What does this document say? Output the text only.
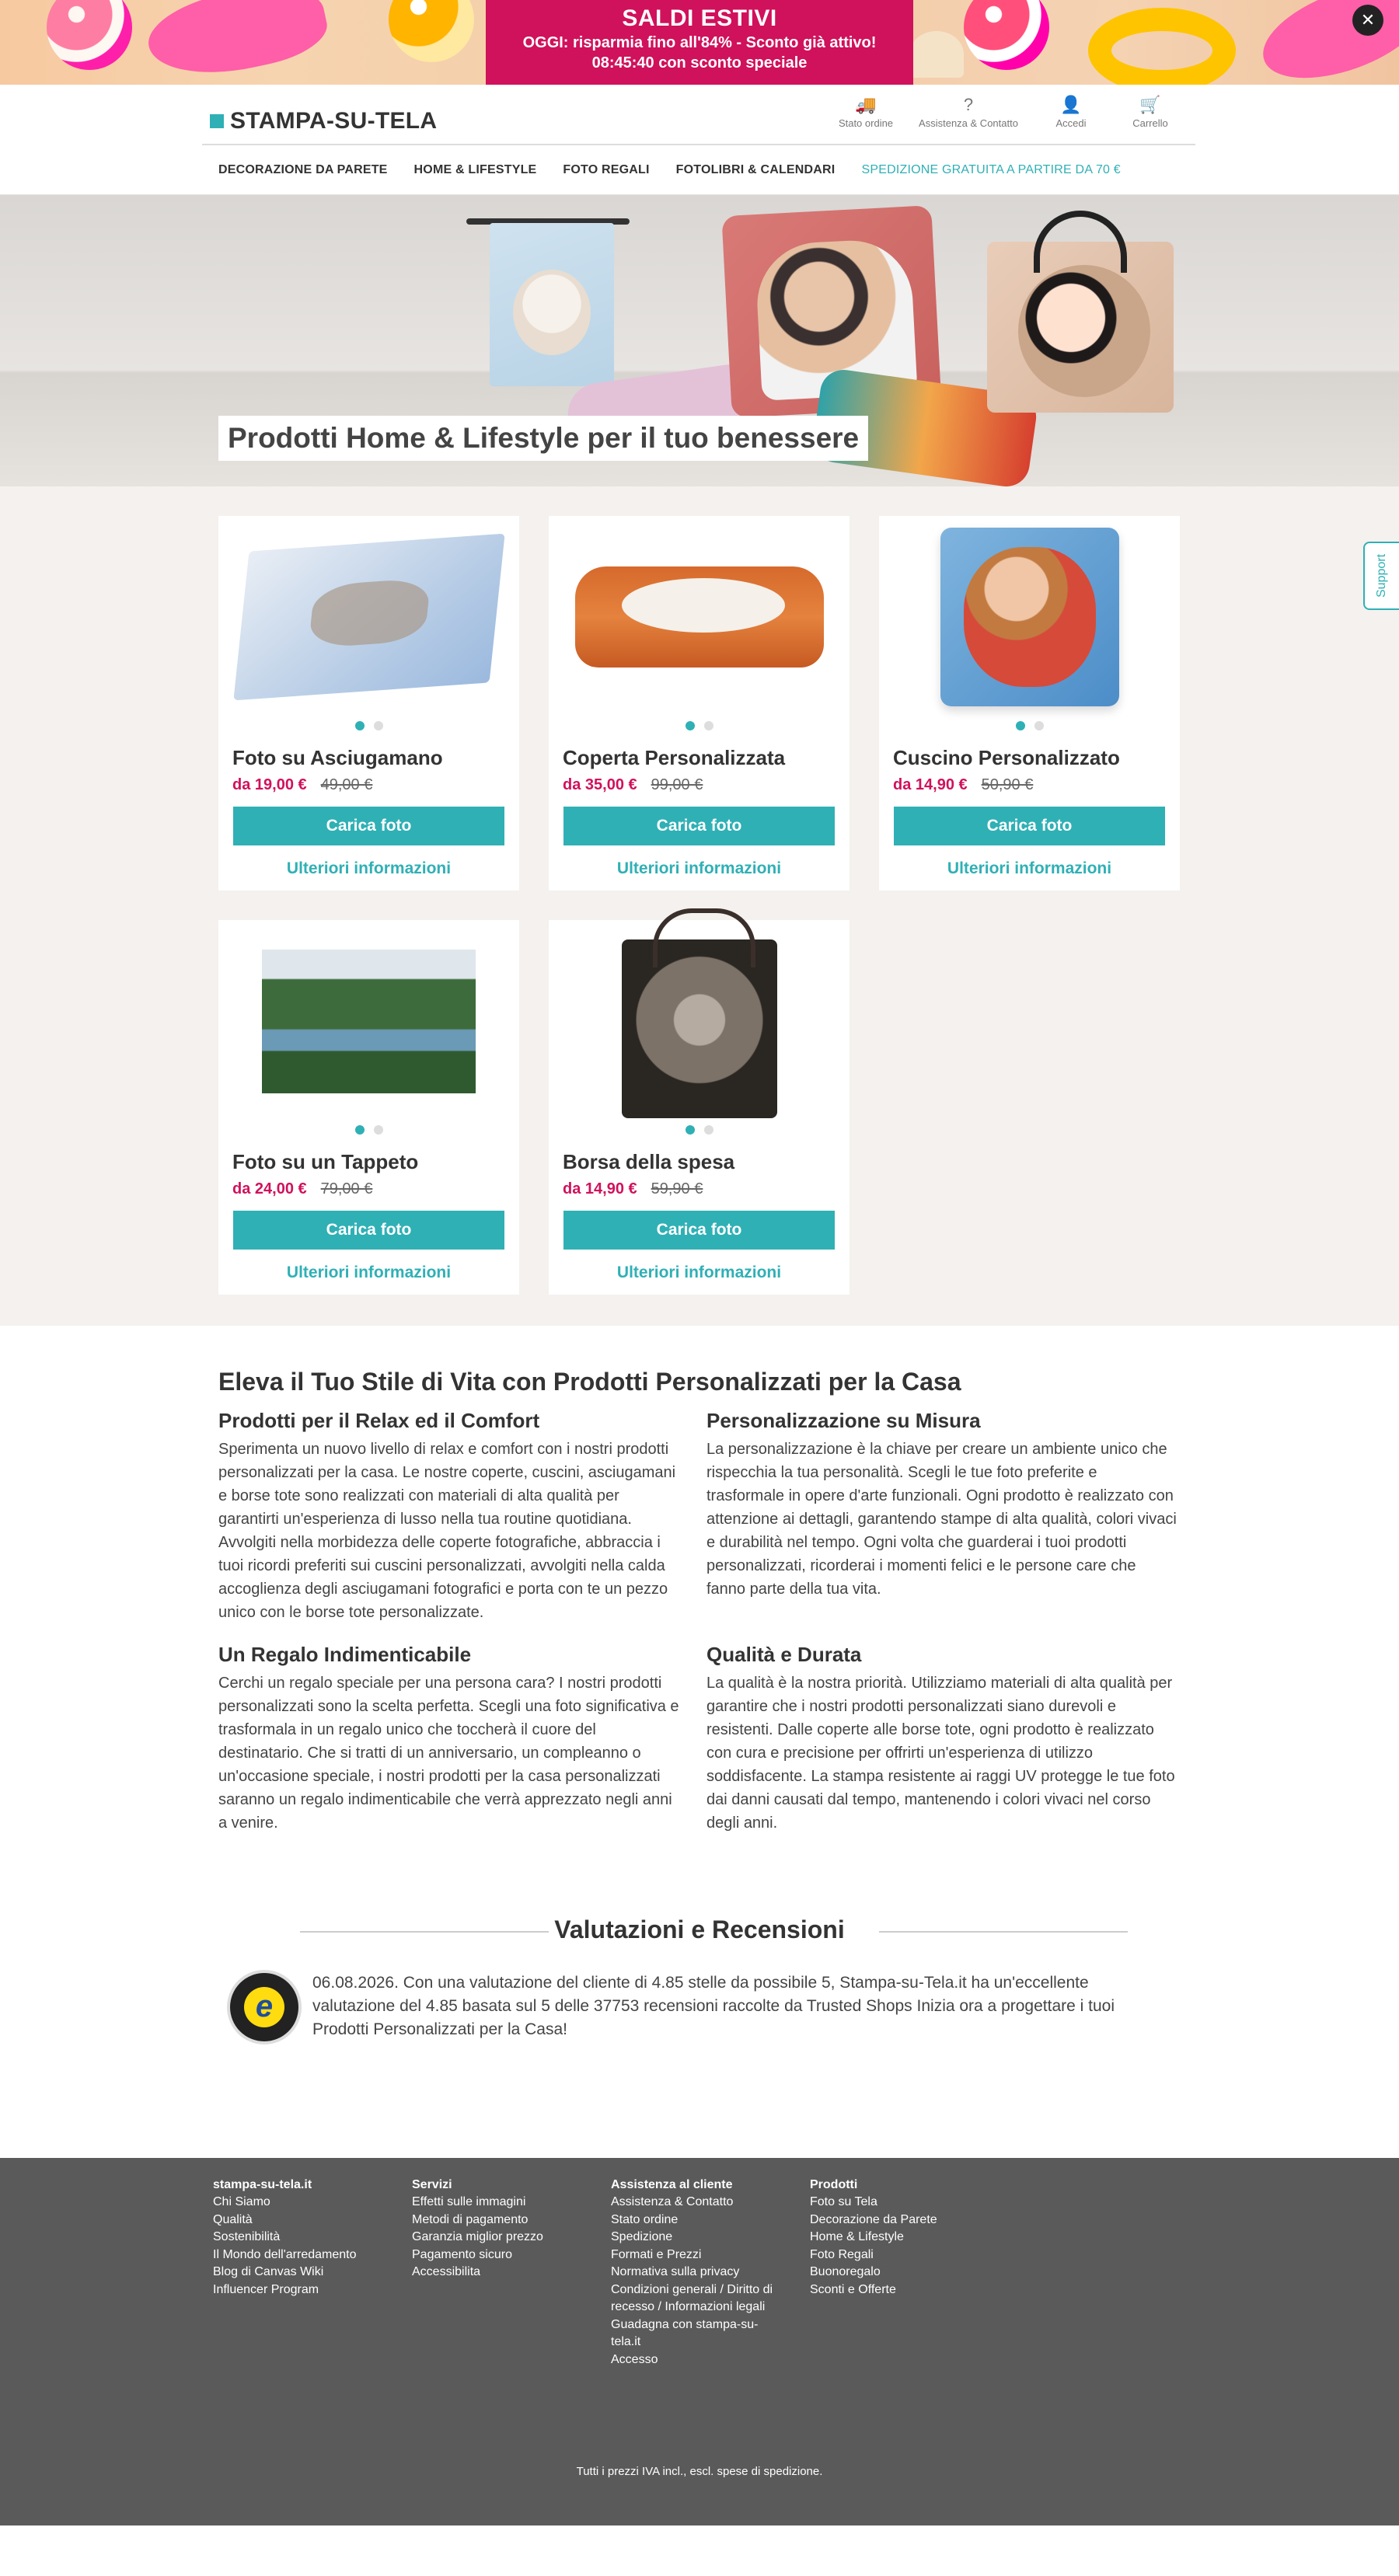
SALDI ESTIVI
OGGI: risparmia fino all'84% - Sconto già attivo!
08:45:40 con sconto speciale
✕
STAMPA-SU-TELA
🚚
Stato ordine
?
Assistenza & Contatto
👤
Accedi
🛒
Carrello
DECORAZIONE DA PARETE HOME & LIFESTYLE FOTO REGALI FOTOLIBRI & CALENDARI SPEDIZIONE GRATUITA A PARTIRE DA 70 €
Prodotti Home & Lifestyle per il tuo benessere
Foto su Asciugamano
da 19,00 € 49,00 €
Carica foto
Ulteriori informazioni
Coperta Personalizzata
da 35,00 € 99,00 €
Carica foto
Ulteriori informazioni
Cuscino Personalizzato
da 14,90 € 50,90 €
Carica foto
Ulteriori informazioni
Foto su un Tappeto
da 24,00 € 79,00 €
Carica foto
Ulteriori informazioni
Borsa della spesa
da 14,90 € 59,90 €
Carica foto
Ulteriori informazioni
Support
Eleva il Tuo Stile di Vita con Prodotti Personalizzati per la Casa
Prodotti per il Relax ed il Comfort
Sperimenta un nuovo livello di relax e comfort con i nostri prodotti personalizzati per la casa. Le nostre coperte, cuscini, asciugamani e borse tote sono realizzati con materiali di alta qualità per garantirti un'esperienza di lusso nella tua routine quotidiana. Avvolgiti nella morbidezza delle coperte fotografiche, abbraccia i tuoi ricordi preferiti sui cuscini personalizzati, avvolgiti nella calda accoglienza degli asciugamani fotografici e porta con te un pezzo unico con le borse tote personalizzate.
Personalizzazione su Misura
La personalizzazione è la chiave per creare un ambiente unico che rispecchia la tua personalità. Scegli le tue foto preferite e trasformale in opere d'arte funzionali. Ogni prodotto è realizzato con attenzione ai dettagli, garantendo stampe di alta qualità, colori vivaci e durabilità nel tempo. Ogni volta che guarderai i tuoi prodotti personalizzati, ricorderai i momenti felici e le persone care che fanno parte della tua vita.
Un Regalo Indimenticabile
Cerchi un regalo speciale per una persona cara? I nostri prodotti personalizzati sono la scelta perfetta. Scegli una foto significativa e trasformala in un regalo unico che toccherà il cuore del destinatario. Che si tratti di un anniversario, un compleanno o un'occasione speciale, i nostri prodotti per la casa personalizzati saranno un regalo indimenticabile che verrà apprezzato negli anni a venire.
Qualità e Durata
La qualità è la nostra priorità. Utilizziamo materiali di alta qualità per garantire che i nostri prodotti personalizzati siano durevoli e resistenti. Dalle coperte alle borse tote, ogni prodotto è realizzato con cura e precisione per offrirti un'esperienza di utilizzo soddisfacente. La stampa resistente ai raggi UV protegge le tue foto dai danni causati dal tempo, mantenendo i colori vivaci nel corso degli anni.
Valutazioni e Recensioni
e
06.08.2026. Con una valutazione del cliente di 4.85 stelle da possibile 5, Stampa-su-Tela.it ha un'eccellente valutazione del 4.85 basata sul 5 delle 37753 recensioni raccolte da Trusted Shops Inizia ora a progettare i tuoi Prodotti Personalizzati per la Casa!
stampa-su-tela.it
Chi Siamo
Qualità
Sostenibilità
Il Mondo dell'arredamento
Blog di Canvas Wiki
Influencer Program
Servizi
Effetti sulle immagini
Metodi di pagamento
Garanzia miglior prezzo
Pagamento sicuro
Accessibilita
Assistenza al cliente
Assistenza & Contatto
Stato ordine
Spedizione
Formati e Prezzi
Normativa sulla privacy
Condizioni generali / Diritto di recesso / Informazioni legali
Guadagna con stampa-su-tela.it
Accesso
Prodotti
Foto su Tela
Decorazione da Parete
Home & Lifestyle
Foto Regali
Buonoregalo
Sconti e Offerte
Tutti i prezzi IVA incl., escl. spese di spedizione.
